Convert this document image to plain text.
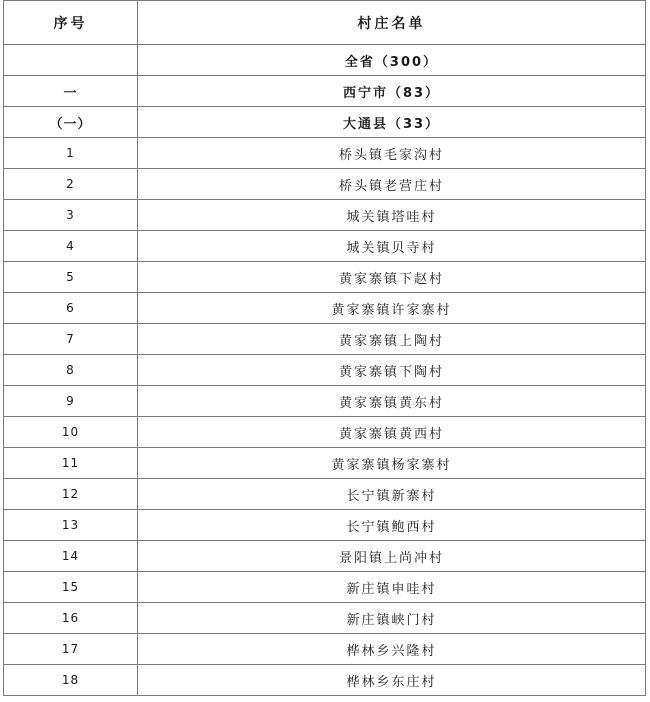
序号	村庄名单
	全省（300）
一	西宁市（83）
（一）	大通县（33）
1	桥头镇毛家沟村
2	桥头镇老营庄村
3	城关镇塔哇村
4	城关镇贝寺村
5	黄家寨镇下赵村
6	黄家寨镇许家寨村
7	黄家寨镇上陶村
8	黄家寨镇下陶村
9	黄家寨镇黄东村
10	黄家寨镇黄西村
11	黄家寨镇杨家寨村
12	长宁镇新寨村
13	长宁镇鲍西村
14	景阳镇上尚冲村
15	新庄镇申哇村
16	新庄镇峡门村
17	桦林乡兴隆村
18	桦林乡东庄村
